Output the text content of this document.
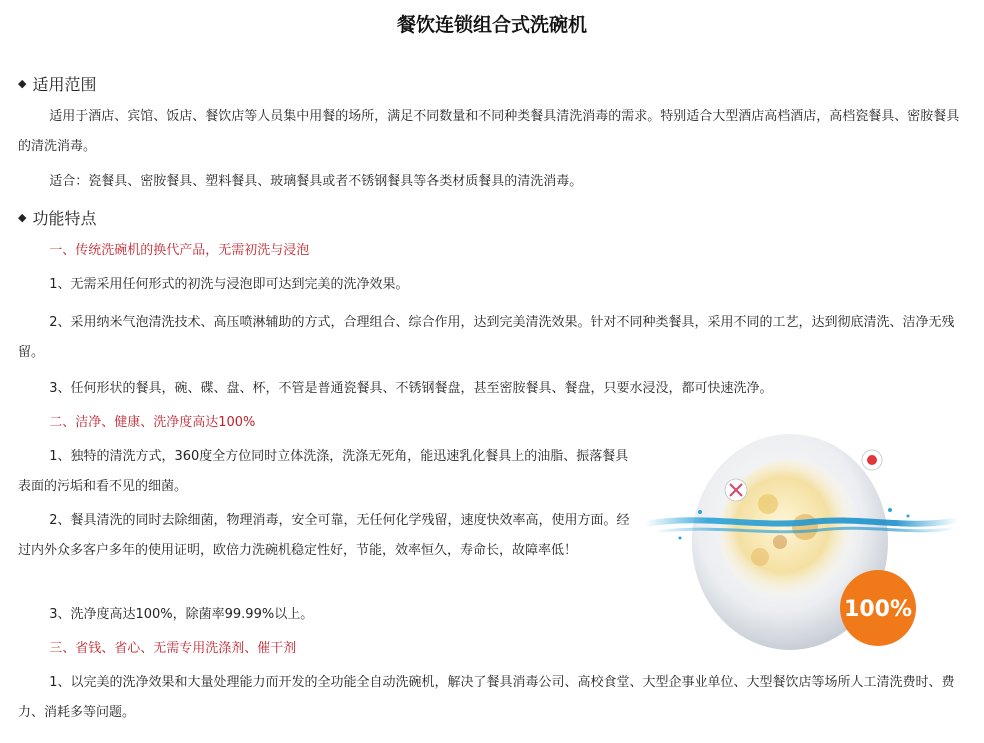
餐饮连锁组合式洗碗机
◆ 适用范围

适用于酒店、宾馆、饭店、餐饮店等人员集中用餐的场所，满足不同数量和不同种类餐具清洗消毒的需求。特别适合大型酒店高档酒店，高档瓷餐具、密胺餐具的清洗消毒。

适合：瓷餐具、密胺餐具、塑料餐具、玻璃餐具或者不锈钢餐具等各类材质餐具的清洗消毒。

◆ 功能特点

一、传统洗碗机的换代产品，无需初洗与浸泡

1、无需采用任何形式的初洗与浸泡即可达到完美的洗净效果。

2、采用纳米气泡清洗技术、高压喷淋辅助的方式，合理组合、综合作用，达到完美清洗效果。针对不同种类餐具，采用不同的工艺，达到彻底清洗、洁净无残留。

3、任何形状的餐具，碗、碟、盘、杯，不管是普通瓷餐具、不锈钢餐盘，甚至密胺餐具、餐盘，只要水浸没，都可快速洗净。

二、洁净、健康、洗净度高达100%

1、独特的清洗方式，360度全方位同时立体洗涤，洗涤无死角，能迅速乳化餐具上的油脂、振落餐具表面的污垢和看不见的细菌。

2、餐具清洗的同时去除细菌，物理消毒，安全可靠，无任何化学残留，速度快效率高，使用方面。经过内外众多客户多年的使用证明，欧倍力洗碗机稳定性好，节能，效率恒久，寿命长，故障率低！

3、洗净度高达100%，除菌率99.99%以上。

三、省钱、省心、无需专用洗涤剂、催干剂

1、以完美的洗净效果和大量处理能力而开发的全功能全自动洗碗机，解决了餐具消毒公司、高校食堂、大型企事业单位、大型餐饮店等场所人工清洗费时、费力、消耗多等问题。

100%
